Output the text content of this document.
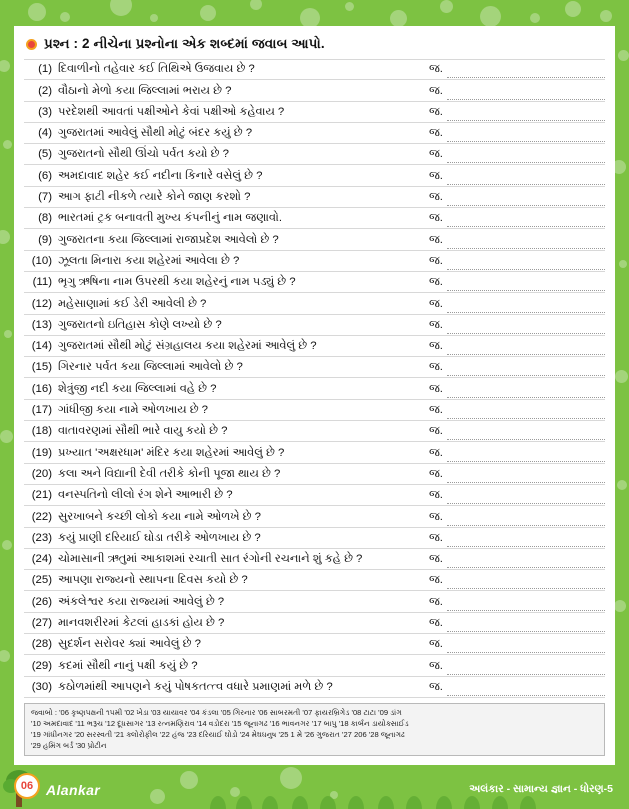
પ્રશ્ન : 2 નીચેના પ્રશ્નોના એક શબ્દમાં જવાબ આપો.
(1) દિવાળીનો તહેવાર કઈ તિથિએ ઉજવાય છે ?	જ.
(2) વૌઠાનો મેળો કયા જિલ્લામાં ભરાય છે ?	જ.
(3) પરદેશથી આવતાં પક્ષીઓને કેવાં પક્ષીઓ કહેવાય ?	જ.
(4) ગુજરાતમાં આવેલું સૌથી મોટું બંદર કયું છે ?	જ.
(5) ગુજરાતનો સૌથી ઊંચો પર્વત કયો છે ?	જ.
(6) અમદાવાદ શહેર કઈ નદીના કિનારે વસેલું છે ?	જ.
(7) આગ ફાટી નીકળે ત્યારે કોને જાણ કરશો ?	જ.
(8) ભારતમાં ટ્રક બનાવતી મુખ્ય કંપનીનું નામ જણાવો.	જ.
(9) ગુજરાતના કયા જિલ્લામાં રાજાપ્રદેશ આવેલો છે ?	જ.
(10) ઝૂલતા મિનારા કયા શહેરમાં આવેલા છે ?	જ.
(11) ભૃગુ ઋષિના નામ ઉપરથી કયા શહેરનું નામ પડ્યું છે ?	જ.
(12) મહેસાણામાં કઈ ડેરી આવેલી છે ?	જ.
(13) ગુજરાતનો ઇતિહાસ કોણે લખ્યો છે ?	જ.
(14) ગુજરાતમાં સૌથી મોટું સંગ્રહાલય કયા શહેરમાં આવેલું છે ?	જ.
(15) ગિરનાર પર્વત કયા જિલ્લામાં આવેલો છે ?	જ.
(16) શેત્રુંજી નદી કયા જિલ્લામાં વહે છે ?	જ.
(17) ગાંધીજી કયા નામે ઓળખાય છે ?	જ.
(18) વાતાવરણમાં સૌથી ભારે વાયુ કયો છે ?	જ.
(19) પ્રખ્યાત 'અક્ષરધામ' મંદિર કયા શહેરમાં આવેલું છે ?	જ.
(20) કલા અને વિદ્યાની દેવી તરીકે કોની પૂજા થાય છે ?	જ.
(21) વનસ્પતિનો લીલો રંગ શેને આભારી છે ?	જ.
(22) સુરખાબને કચ્છી લોકો કયા નામે ઓળખે છે ?	જ.
(23) કયું પ્રાણી દરિયાઈ ઘોડા તરીકે ઓળખાય છે ?	જ.
(24) ચોમાસાની ઋતુમાં આકાશમાં રચાતી સાત રંગોની રચનાને શું કહે છે ?	જ.
(25) આપણા રાજ્યનો સ્થાપના દિવસ કયો છે ?	જ.
(26) અંકલેશ્વર કયા રાજ્યમાં આવેલું છે ?	જ.
(27) માનવશરીરમાં કેટલાં હાડકાં હોય છે ?	જ.
(28) સુદર્શન સરોવર ક્યાં આવેલું છે ?	જ.
(29) કદમાં સૌથી નાનું પક્ષી કયું છે ?	જ.
(30) કઠોળમાંથી આપણને કયું પોષકતત્ત્વ વધારે પ્રમાણમાં મળે છે ?	જ.
જવાબો : '06 કૃષ્ણપક્ષની ૧૫મી '02 ખેડા '03 યાયાવર '04 કંડલા '05 ગિરનાર '06 સાબરમતી '07 ફાયરબ્રિગેડ '08 ટાટા '09 ડાંગ
'10 અમદાવાદ '11 ભરૂચ '12 દૂધસાગર '13 રત્નમણિરાવ '14 વડોદરા '15 જૂનાગઢ '16 ભાવનગર '17 બાપુ '18 કાર્બન ડાયોક્સાઈડ
'19 ગાંધીનગર '20 સરસ્વતી '21 ક્લોરોફીલ '22 હંજ '23 દરિયાઈ ઘોડો '24 મેઘધનુષ '25 1 મે '26 ગુજરાત '27 206 '28 જૂનાગઢ
'29 હમિંગ બર્ડ '30 પ્રોટીન
06 Alankar	અલંકાર - સામાન્ય જ્ઞાન - ધોરણ-5
